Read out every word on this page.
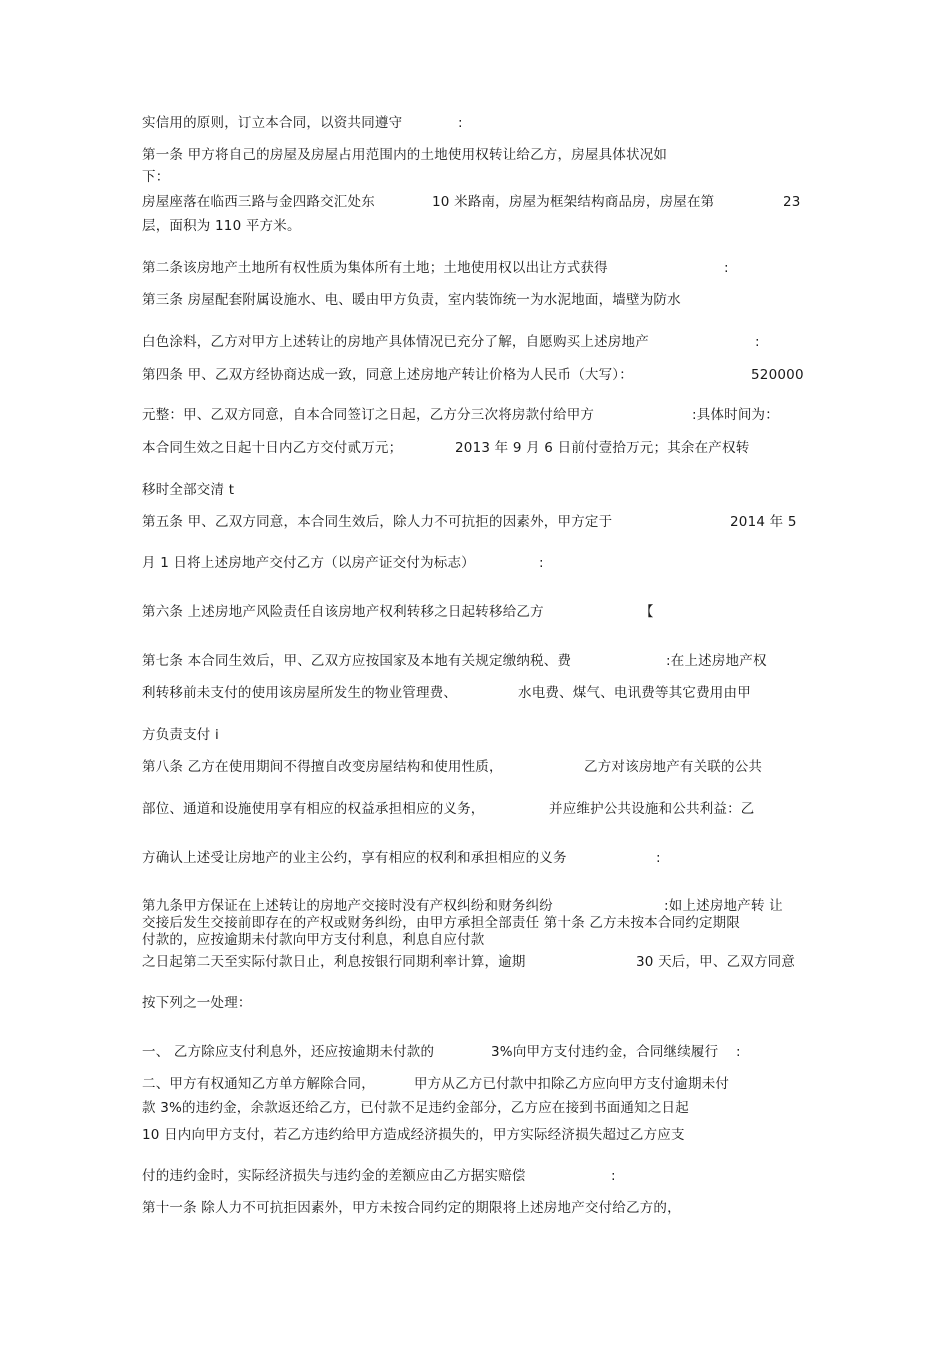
实信用的原则，订立本合同，以资共同遵守	:
第一条 甲方将自己的房屋及房屋占用范围内的土地使用权转让给乙方，房屋具体状况如
下：
房屋座落在临西三路与金四路交汇处东	10 米路南，房屋为框架结构商品房，房屋在第	23
层，面积为 110 平方米。
第二条该房地产土地所有权性质为集体所有土地；土地使用权以出让方式获得	:
第三条 房屋配套附属设施水、电、暖由甲方负责，室内装饰统一为水泥地面，墙壁为防水
白色涂料，乙方对甲方上述转让的房地产具体情况已充分了解，自愿购买上述房地产	:
第四条 甲、乙双方经协商达成一致，同意上述房地产转让价格为人民币（大写）：	520000
元整：甲、乙双方同意，自本合同签订之日起，乙方分三次将房款付给甲方	:具体时间为：
本合同生效之日起十日内乙方交付贰万元；	2013 年 9 月 6 日前付壹拾万元；其余在产权转
移时全部交清 t
第五条 甲、乙双方同意，本合同生效后，除人力不可抗拒的因素外，甲方定于	2014 年 5
月 1 日将上述房地产交付乙方（以房产证交付为标志）	:
第六条 上述房地产风险责任自该房地产权利转移之日起转移给乙方	【
第七条 本合同生效后，甲、乙双方应按国家及本地有关规定缴纳税、费	:在上述房地产权
利转移前未支付的使用该房屋所发生的物业管理费、	水电费、煤气、电讯费等其它费用由甲
方负责支付 i
第八条 乙方在使用期间不得擅自改变房屋结构和使用性质，	乙方对该房地产有关联的公共
部位、通道和设施使用享有相应的权益承担相应的义务，	并应维护公共设施和公共利益：乙
方确认上述受让房地产的业主公约，享有相应的权利和承担相应的义务	:
第九条甲方保证在上述转让的房地产交接时没有产权纠纷和财务纠纷	:如上述房地产转 让
交接后发生交接前即存在的产权或财务纠纷，由甲方承担全部责任 第十条 乙方未按本合同约定期限
付款的，应按逾期未付款向甲方支付利息，利息自应付款
之日起第二天至实际付款日止，利息按银行同期利率计算，逾期	30 天后，甲、乙双方同意
按下列之一处理：
一、 乙方除应支付利息外，还应按逾期未付款的	3%向甲方支付违约金，合同继续履行 :
二、甲方有权通知乙方单方解除合同，	甲方从乙方已付款中扣除乙方应向甲方支付逾期未付
款 3%的违约金，余款返还给乙方，已付款不足违约金部分，乙方应在接到书面通知之日起
10 日内向甲方支付，若乙方违约给甲方造成经济损失的，甲方实际经济损失超过乙方应支
付的违约金时，实际经济损失与违约金的差额应由乙方据实赔偿	:
第十一条 除人力不可抗拒因素外，甲方未按合同约定的期限将上述房地产交付给乙方的，
